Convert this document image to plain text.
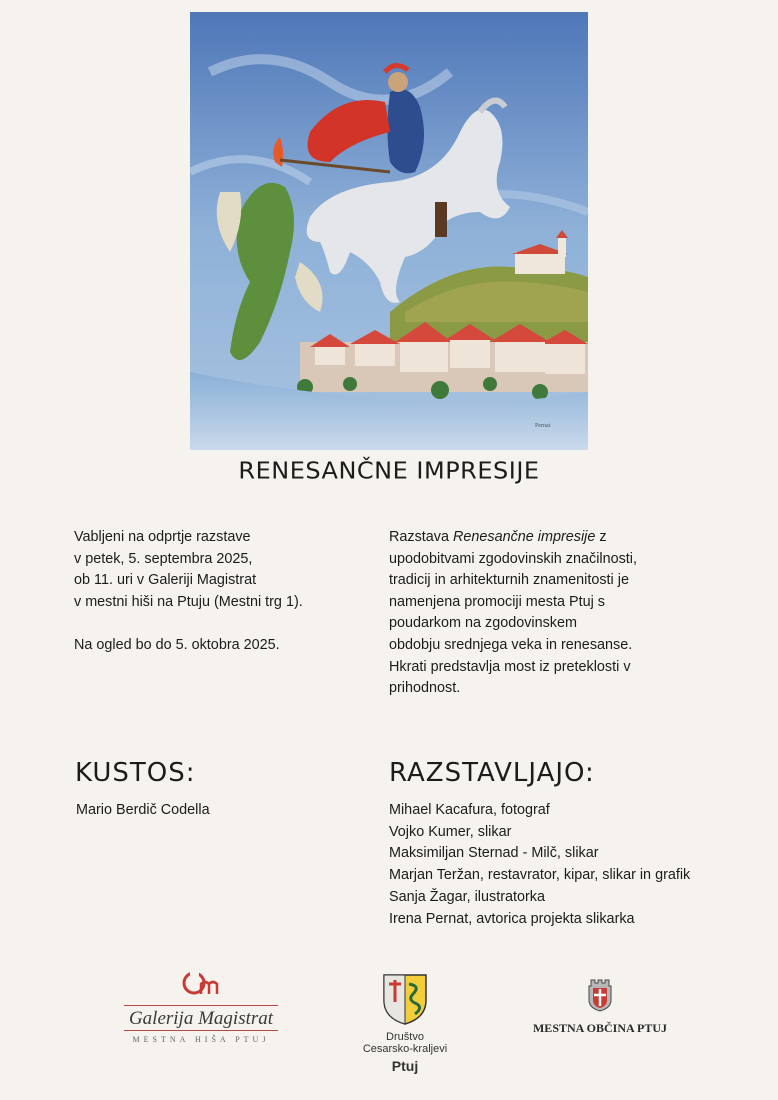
Pernat
RENESANČNE IMPRESIJE
Vabljeni na odprtje razstave
v petek, 5. septembra 2025,
ob 11. uri v Galeriji Magistrat
v mestni hiši na Ptuju (Mestni trg 1).
Na ogled bo do 5. oktobra 2025.
Razstava Renesančne impresije z
upodobitvami zgodovinskih značilnosti,
tradicij in arhitekturnih znamenitosti je
namenjena promociji mesta Ptuj s
poudarkom na zgodovinskem
obdobju srednjega veka in renesanse.
Hkrati predstavlja most iz preteklosti v
prihodnost.
KUSTOS:
Mario Berdič Codella
RAZSTAVLJAJO:
Mihael Kacafura, fotograf
Vojko Kumer, slikar
Maksimiljan Sternad - Milč, slikar
Marjan Teržan, restavrator, kipar, slikar in grafik
Sanja Žagar, ilustratorka
Irena Pernat, avtorica projekta slikarka
Galerija Magistrat
MESTNA HIŠA PTUJ	Društvo
Cesarsko-kraljevi
Ptuj
MESTNA OBČINA PTUJ
